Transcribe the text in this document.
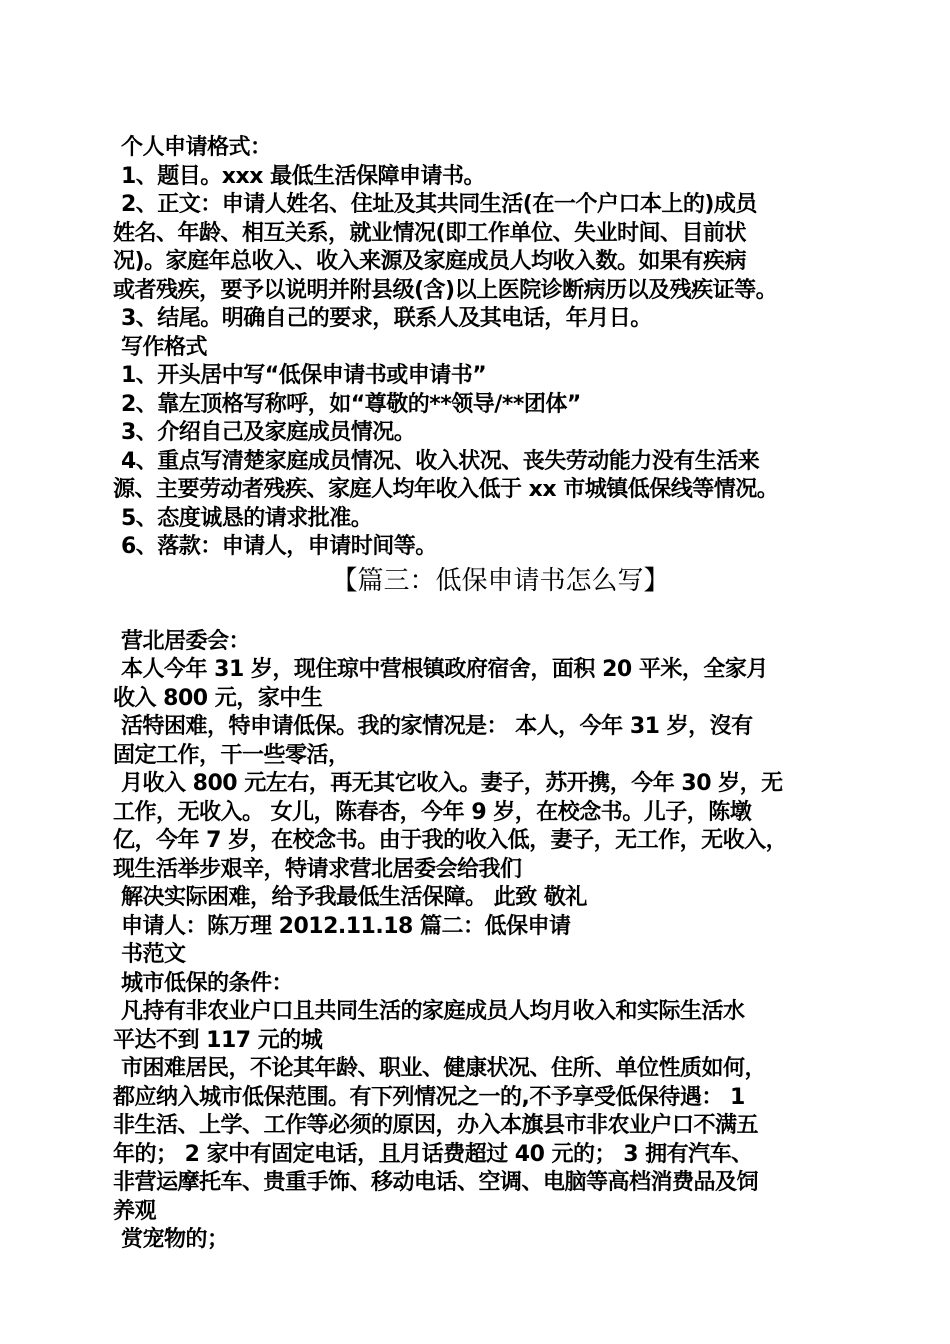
个人申请格式：
1、题目。xxx 最低生活保障申请书。
2、正文：申请人姓名、住址及其共同生活(在一个户口本上的)成员
姓名、年龄、相互关系，就业情况(即工作单位、失业时间、目前状
况)。家庭年总收入、收入来源及家庭成员人均收入数。如果有疾病
或者残疾，要予以说明并附县级(含)以上医院诊断病历以及残疾证等。
3、结尾。明确自己的要求，联系人及其电话，年月日。
写作格式
1、开头居中写“低保申请书或申请书”
2、靠左顶格写称呼，如“尊敬的**领导/**团体”
3、介绍自己及家庭成员情况。
4、重点写清楚家庭成员情况、收入状况、丧失劳动能力没有生活来
源、主要劳动者残疾、家庭人均年收入低于 xx 市城镇低保线等情况。
5、态度诚恳的请求批准。
6、落款：申请人，申请时间等。
【篇三：低保申请书怎么写】
营北居委会：
本人今年 31 岁，现住琼中营根镇政府宿舍，面积 20 平米，全家月
收入 800 元，家中生
活特困难，特申请低保。我的家情况是： 本人，今年 31 岁，沒有
固定工作，干一些零活，
月收入 800 元左右，再无其它收入。妻子，苏开携，今年 30 岁，无
工作，无收入。 女儿，陈春杏，今年 9 岁，在校念书。儿子，陈墩
亿，今年 7 岁，在校念书。由于我的收入低，妻子，无工作，无收入，
现生活举步艰辛，特请求营北居委会给我们
解决实际困难，给予我最低生活保障。 此致 敬礼
申请人：陈万理 2012.11.18 篇二：低保申请
书范文
城市低保的条件：
凡持有非农业户口且共同生活的家庭成员人均月收入和实际生活水
平达不到 117 元的城
市困难居民，不论其年龄、职业、健康状况、住所、单位性质如何，
都应纳入城市低保范围。有下列情况之一的,不予享受低保待遇： 1
非生活、上学、工作等必须的原因，办入本旗县市非农业户口不满五
年的； 2 家中有固定电话，且月话费超过 40 元的； 3 拥有汽车、
非营运摩托车、贵重手饰、移动电话、空调、电脑等高档消费品及饲
养观
赏宠物的；
